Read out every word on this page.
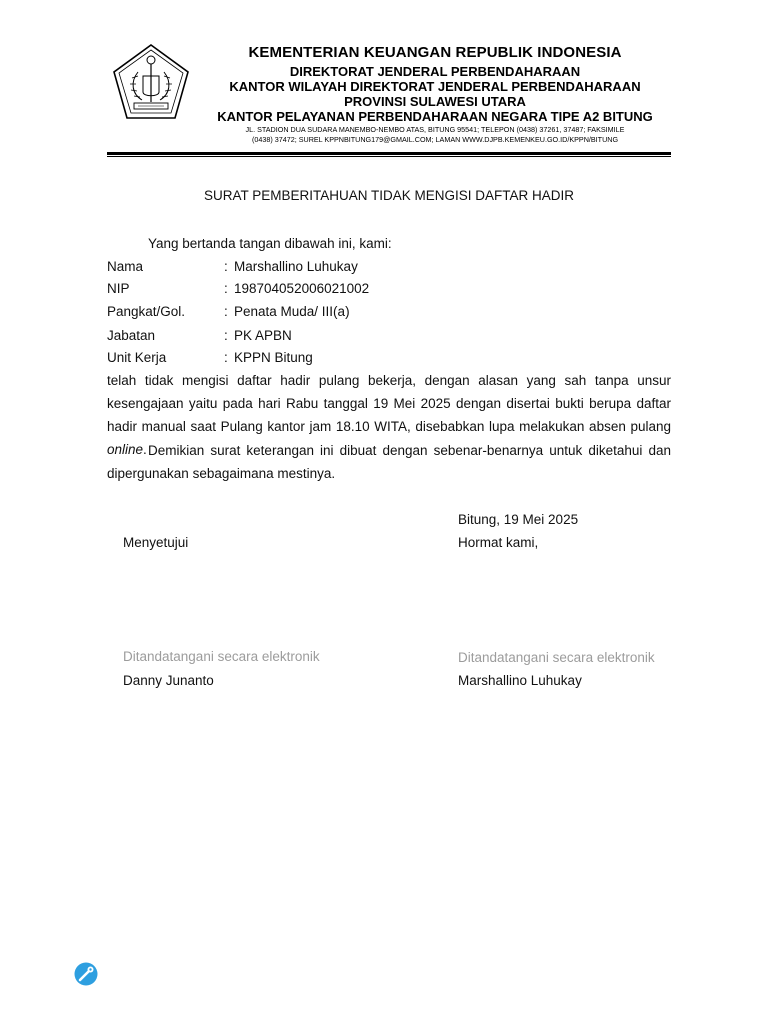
KEMENTERIAN KEUANGAN REPUBLIK INDONESIA
DIREKTORAT JENDERAL PERBENDAHARAAN
KANTOR WILAYAH DIREKTORAT JENDERAL PERBENDAHARAAN
PROVINSI SULAWESI UTARA
KANTOR PELAYANAN PERBENDAHARAAN NEGARA TIPE A2 BITUNG
JL. STADION DUA SUDARA MANEMBO-NEMBO ATAS, BITUNG 95541; TELEPON (0438) 37261, 37487; FAKSIMILE
(0438) 37472; SUREL KPPNBITUNG179@GMAIL.COM; LAMAN WWW.DJPB.KEMENKEU.GO.ID/KPPN/BITUNG
SURAT PEMBERITAHUAN TIDAK MENGISI DAFTAR HADIR
Yang bertanda tangan dibawah ini, kami:
Nama	: Marshallino Luhukay
NIP	: 198704052006021002
Pangkat/Gol.	: Penata Muda/ III(a)
Jabatan	: PK APBN
Unit Kerja	: KPPN Bitung
telah tidak mengisi daftar hadir pulang bekerja, dengan alasan yang sah tanpa unsur kesengajaan yaitu pada hari Rabu tanggal 19 Mei 2025 dengan disertai bukti berupa daftar hadir manual saat Pulang kantor jam 18.10 WITA, disebabkan lupa melakukan absen pulang online. Demikian surat keterangan ini dibuat dengan sebenar-benarnya untuk diketahui dan dipergunakan sebagaimana mestinya.
Bitung, 19 Mei 2025
Menyetujui	Hormat kami,
Ditandatangani secara elektronik	Ditandatangani secara elektronik
Danny Junanto	Marshallino Luhukay
